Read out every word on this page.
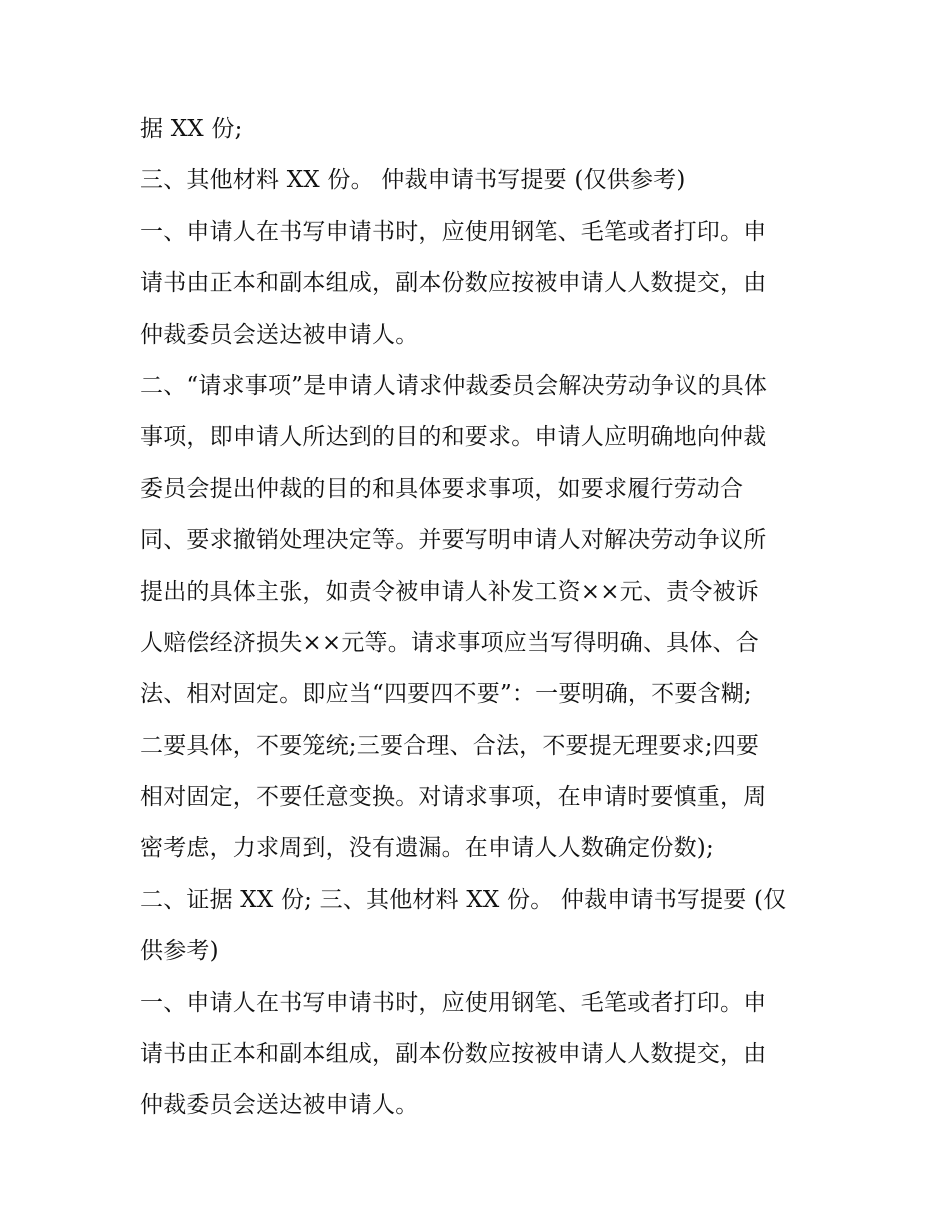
据 XX 份;
三、其他材料 XX 份。 仲裁申请书写提要 (仅供参考)
一、申请人在书写申请书时，应使用钢笔、毛笔或者打印。申
请书由正本和副本组成，副本份数应按被申请人人数提交，由
仲裁委员会送达被申请人。
二、“请求事项”是申请人请求仲裁委员会解决劳动争议的具体
事项，即申请人所达到的目的和要求。申请人应明确地向仲裁
委员会提出仲裁的目的和具体要求事项，如要求履行劳动合
同、要求撤销处理决定等。并要写明申请人对解决劳动争议所
提出的具体主张，如责令被申请人补发工资××元、责令被诉
人赔偿经济损失××元等。请求事项应当写得明确、具体、合
法、相对固定。即应当“四要四不要”：一要明确，不要含糊;
二要具体，不要笼统;三要合理、合法，不要提无理要求;四要
相对固定，不要任意变换。对请求事项，在申请时要慎重，周
密考虑，力求周到，没有遗漏。在申请人人数确定份数);
二、证据 XX 份; 三、其他材料 XX 份。 仲裁申请书写提要 (仅
供参考)
一、申请人在书写申请书时，应使用钢笔、毛笔或者打印。申
请书由正本和副本组成，副本份数应按被申请人人数提交，由
仲裁委员会送达被申请人。
